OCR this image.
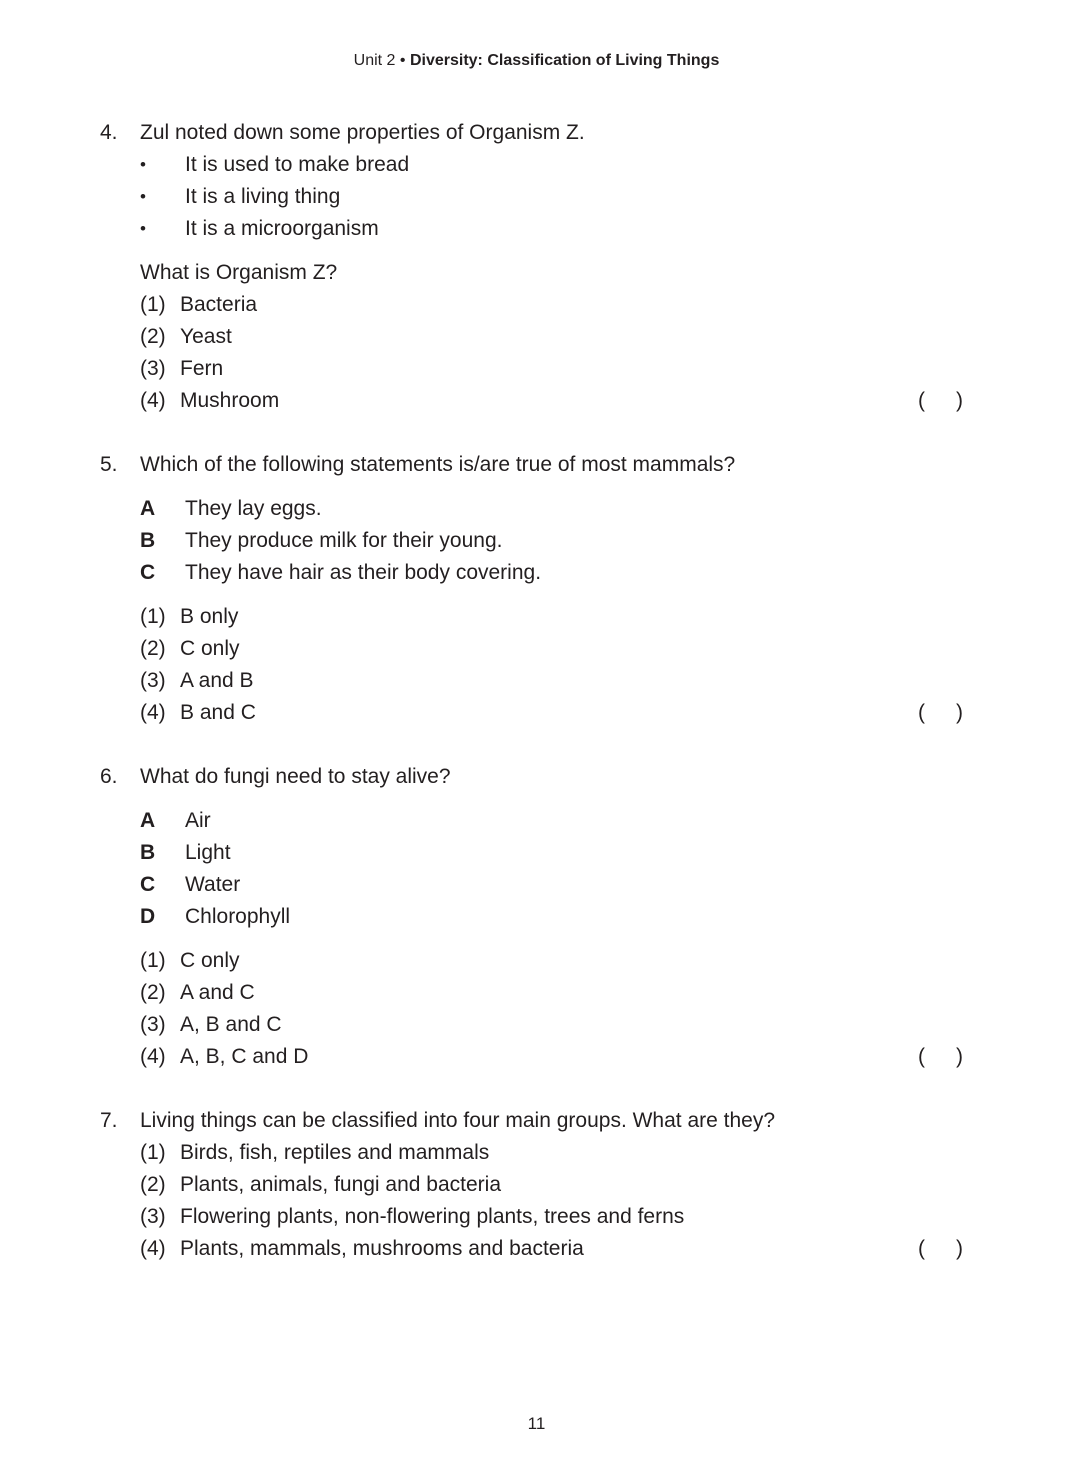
Unit 2 • Diversity: Classification of Living Things
4. Zul noted down some properties of Organism Z.
• It is used to make bread
• It is a living thing
• It is a microorganism
What is Organism Z?
(1) Bacteria
(2) Yeast
(3) Fern
(4) Mushroom	( )
5. Which of the following statements is/are true of most mammals?
A They lay eggs.
B They produce milk for their young.
C They have hair as their body covering.
(1) B only
(2) C only
(3) A and B
(4) B and C	( )
6. What do fungi need to stay alive?
A Air
B Light
C Water
D Chlorophyll
(1) C only
(2) A and C
(3) A, B and C
(4) A, B, C and D	( )
7. Living things can be classified into four main groups. What are they?
(1) Birds, fish, reptiles and mammals
(2) Plants, animals, fungi and bacteria
(3) Flowering plants, non-flowering plants, trees and ferns
(4) Plants, mammals, mushrooms and bacteria	( )
11
